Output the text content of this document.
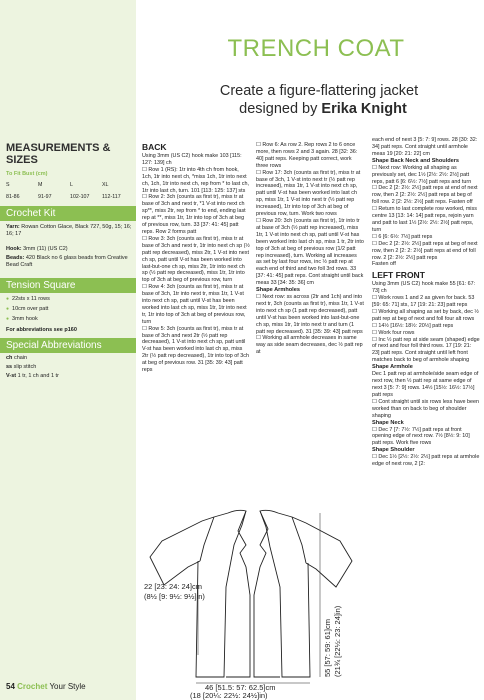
MEASUREMENTS & SIZES
To Fit Bust (cm)
S	M	L	XL
81-86	91-97	102-107	112-117
Crochet Kit
Yarn: Rowan Cotton Glace, Black 727, 50g, 15; 16; 16; 17
Hook: 3mm (11) (US C2)
Beads: 420 Black no 6 glass beads from Creative Bead Craft
Tension Square
● 22sts x 11 rows
● 10cm over patt
● 3mm hook
For abbreviations see p160
Special Abbreviations
ch chain
ss slip stitch
V-st 1 tr, 1 ch and 1 tr
TRENCH COAT
Create a figure-flattering jacket
designed by Erika Knight

BACK

Using 3mm (US C2) hook make 103 [115: 127: 139] ch

☐ Row 1 (RS): 1tr into 4th ch from hook, 1ch, 1tr into next ch, *miss 1ch, 1tr into next ch, 1ch, 1tr into next ch, rep from * to last ch, 1tr into last ch, turn. 101 [113: 125: 137] sts

☐ Row 2: 3ch (counts as first tr), miss tr at base of 3ch and next tr, *1 V-st into next ch sp**, miss 2tr, rep from * to end, ending last rep at **, miss 1tr, 1tr into top of 3ch at beg of previous row, turn. 33 [37: 41: 45] patt reps. Row 2 forms patt

☐ Row 3: 3ch (counts as first tr), miss tr at base of 3ch and next tr, 1tr into next ch sp (½ patt rep decreased), miss 2tr, 1 V-st into next ch sp, patt until V-st has been worked into last-but-one ch sp, miss 2tr, 1tr into next ch sp (½ patt rep decreased), miss 1tr, 1tr into top of 3ch at beg of previous row, turn

☐ Row 4: 3ch (counts as first tr), miss tr at base of 3ch, 1tr into next tr, miss 1tr, 1 V-st into next ch sp, patt until V-st has been worked into last ch sp, miss 1tr, 1tr into next tr, 1tr into top of 3ch at beg of previous row, turn

☐ Row 5: 3ch (counts as first tr), miss tr at base of 3ch and next 2tr (½ patt rep decreased), 1 V-st into next ch sp, patt until V-st has been worked into last ch sp, miss 2tr (½ patt rep decreased), 1tr into top of 3ch at beg of previous row. 31 [35: 39: 43] patt reps

☐ Row 6: As row 2. Rep rows 2 to 6 once more, then rows 2 and 3 again. 28 [32: 36: 40] patt reps. Keeping patt correct, work three rows

☐ Row 17: 3ch (counts as first tr), miss tr at base of 3ch, 1 V-st into next tr (½ patt rep increased), miss 1tr, 1 V-st into next ch sp, patt until V-st has been worked into last ch sp, miss 1tr, 1 V-st into next tr (½ patt rep increased), 1tr into top of 3ch at beg of previous row, turn. Work two rows

☐ Row 20: 3ch (counts as first tr), 1tr into tr at base of 3ch (½ patt rep increased), miss 1tr, 1 V-st into next ch sp, patt until V-st has been worked into last ch sp, miss 1 tr, 2tr into top of 3ch at beg of previous row (1/2 patt rep increased), turn. Working all increases as set by last four rows, inc ½ patt rep at each end of third and two foll 3rd rows. 33 [37: 41: 45] patt reps. Cont straight until back meas 33 [34: 35: 36] cm

Shape Armholes

☐ Next row: ss across (2tr and 1ch) and into next tr, 3ch (counts as first tr), miss 1tr, 1 V-st into next ch sp (1 patt rep decreased), patt until V-st has been worked into last-but-one ch sp, miss 1tr, 1tr into next tr and turn (1 patt rep decreased). 31 [35: 39: 43] patt reps

☐ Working all armhole decreases in same way as side seam decreases, dec ½ patt rep at

each end of next 3 [5: 7: 9] rows. 28 [30: 32: 34] patt reps. Cont straight until armhole meas 19 [20: 21: 22] cm

Shape Back Neck and Shoulders

☐ Next row: Working all shaping as previously set, dec 1½ [2½: 2½: 2½] patt reps, patt 6 [6: 6½: 7½] patt reps and turn

☐ Dec 2 [2: 2½: 2½] patt reps at end of next row, then 2 [2: 2½: 2½] patt reps at beg of foll row. 2 [2: 2½: 2½] patt reps. Fasten off

☐ Return to last complete row worked, miss centre 13 [13: 14: 14] patt reps, rejoin yarn and patt to last 1½ [2½: 2½: 2½] patt reps, turn

☐ 6 [6: 6½: 7½] patt reps

☐ Dec 2 [2: 2½: 2½] patt reps at beg of next row, then 2 [2: 2: 2½] patt reps at end of foll row. 2 [2: 2½: 2½] patt reps

Fasten off

LEFT FRONT

Using 3mm (US C2) hook make 55 [61: 67: 73] ch

☐ Work rows 1 and 2 as given for back. 53 [59: 65: 71] sts, 17 [19: 21: 23] patt reps

☐ Working all shaping as set by back, dec ½ patt rep at beg of next and foll four alt rows

☐ 14½ [16½: 18½: 20½] patt reps

☐ Work four rows

☐ Inc ½ patt rep at side seam (shaped) edge of next and four foll third rows. 17 [19: 21: 23] patt reps. Cont straight until left front matches back to beg of armhole shaping

Shape Armhole

Dec 1 patt rep at armhole/side seam edge of next row, then ½ patt rep at same edge of next 3 [5: 7: 9] rows. 14½ [15½: 16½: 17½] patt reps

☐ Cont straight until six rows less have been worked than on back to beg of shoulder shaping

Shape Neck

☐ Dec 7 [7: 7½: 7½] patt reps at front opening edge of next row. 7½ [8½: 9: 10] patt reps. Work five rows

Shape Shoulder

☐ Dec 1½ [2½: 2½: 2½] patt reps at armhole edge of next row, 2 [2:

22 [23: 24: 24]cm
(8½ [9: 9½: 9½]in)
55 [57: 59: 61]cm (21¾ [22½: 23: 24]in)
46 [51.5: 57: 62.5]cm
(18 [20¼: 22½: 24½]in)
54 Crochet Your Style
